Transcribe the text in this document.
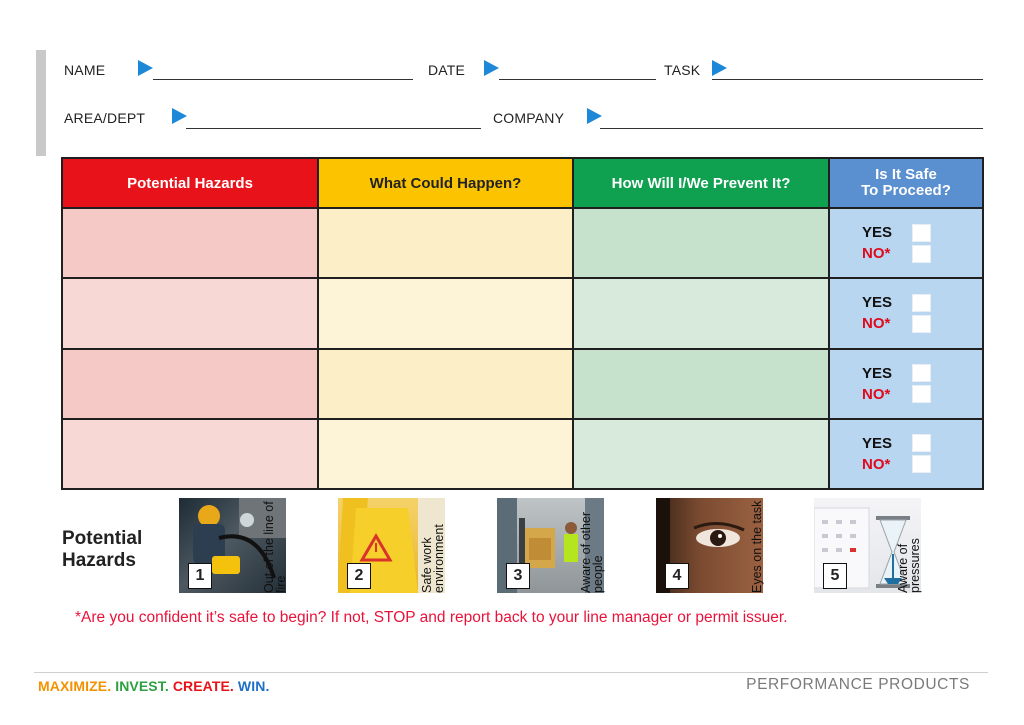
NAME	DATE	TASK
AREA/DEPT	COMPANY
Potential Hazards	What Could Happen?	How Will I/We Prevent It?	Is It Safe
To Proceed?

			YES
NO*

			YES
NO*

			YES
NO*

			YES
NO*
Potential
Hazards
1	Out of the line of fire
2	Safe work environment	3	Aware of other people	4	Eyes on the task	5	Aware of pressures
*Are you confident it’s safe to begin? If not, STOP and report back to your line manager or permit issuer.
MAXIMIZE. INVEST. CREATE. WIN.	PERFORMANCE PRODUCTS
